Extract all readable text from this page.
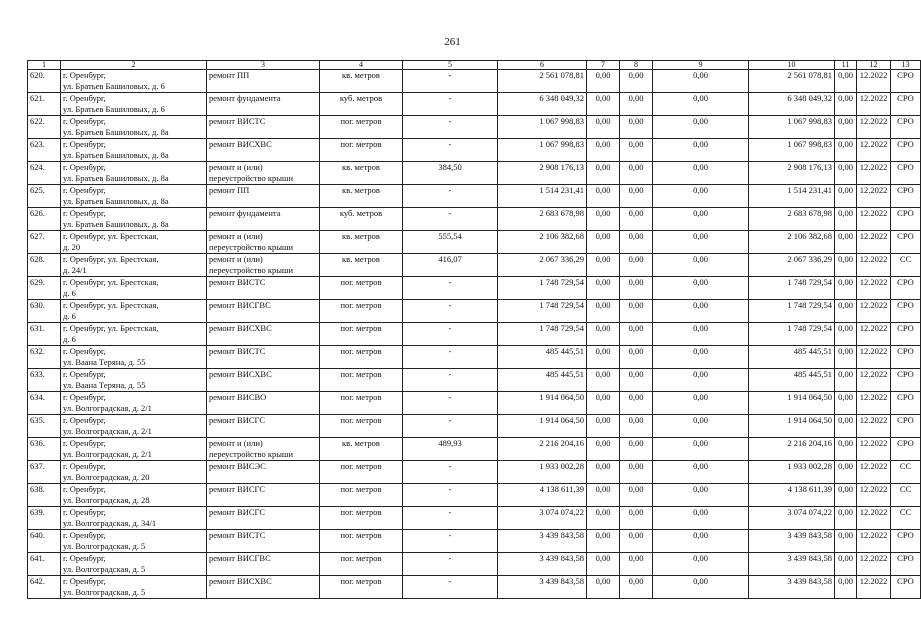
261
1	2	3	4	5	6	7	8	9	10	11	12	13
620.	г. Оренбург,
ул. Братьев Башиловых, д. 6	ремонт ПП	кв. метров	-	2 561 078,81	0,00	0,00	0,00	2 561 078,81	0,00	12.2022	СРО
621.	г. Оренбург,
ул. Братьев Башиловых, д. 6	ремонт фундамента	куб. метров	-	6 348 049,32	0,00	0,00	0,00	6 348 049,32	0,00	12.2022	СРО
622.	г. Оренбург,
ул. Братьев Башиловых, д. 8а	ремонт ВИСТС	пог. метров	-	1 067 998,83	0,00	0,00	0,00	1 067 998,83	0,00	12.2022	СРО
623.	г. Оренбург,
ул. Братьев Башиловых, д. 8а	ремонт ВИСХВС	пог. метров	-	1 067 998,83	0,00	0,00	0,00	1 067 998,83	0,00	12.2022	СРО
624.	г. Оренбург,
ул. Братьев Башиловых, д. 8а	ремонт и (или)
переустройство крыши	кв. метров	384,50	2 908 176,13	0,00	0,00	0,00	2 908 176,13	0,00	12.2022	СРО
625.	г. Оренбург,
ул. Братьев Башиловых, д. 8а	ремонт ПП	кв. метров	-	1 514 231,41	0,00	0,00	0,00	1 514 231,41	0,00	12.2022	СРО
626.	г. Оренбург,
ул. Братьев Башиловых, д. 8а	ремонт фундамента	куб. метров	-	2 683 678,98	0,00	0,00	0,00	2 683 678,98	0,00	12.2022	СРО
627.	г. Оренбург, ул. Брестская,
д. 20	ремонт и (или)
переустройство крыши	кв. метров	555,54	2 106 382,68	0,00	0,00	0,00	2 106 382,68	0,00	12.2022	СРО
628.	г. Оренбург, ул. Брестская,
д. 24/1	ремонт и (или)
переустройство крыши	кв. метров	416,07	2 067 336,29	0,00	0,00	0,00	2 067 336,29	0,00	12.2022	СС
629.	г. Оренбург, ул. Брестская,
д. 6	ремонт ВИСТС	пог. метров	-	1 748 729,54	0,00	0,00	0,00	1 748 729,54	0,00	12.2022	СРО
630.	г. Оренбург, ул. Брестская,
д. 6	ремонт ВИСГВС	пог. метров	-	1 748 729,54	0,00	0,00	0,00	1 748 729,54	0,00	12.2022	СРО
631.	г. Оренбург, ул. Брестская,
д. 6	ремонт ВИСХВС	пог. метров	-	1 748 729,54	0,00	0,00	0,00	1 748 729,54	0,00	12.2022	СРО
632.	г. Оренбург,
ул. Ваана Теряна, д. 55	ремонт ВИСТС	пог. метров	-	485 445,51	0,00	0,00	0,00	485 445,51	0,00	12.2022	СРО
633.	г. Оренбург,
ул. Ваана Теряна, д. 55	ремонт ВИСХВС	пог. метров	-	485 445,51	0,00	0,00	0,00	485 445,51	0,00	12.2022	СРО
634.	г. Оренбург,
ул. Волгоградская, д. 2/1	ремонт ВИСВО	пог. метров	-	1 914 064,50	0,00	0,00	0,00	1 914 064,50	0,00	12.2022	СРО
635.	г. Оренбург,
ул. Волгоградская, д. 2/1	ремонт ВИСГС	пог. метров	-	1 914 064,50	0,00	0,00	0,00	1 914 064,50	0,00	12.2022	СРО
636.	г. Оренбург,
ул. Волгоградская, д. 2/1	ремонт и (или)
переустройство крыши	кв. метров	489,93	2 216 204,16	0,00	0,00	0,00	2 216 204,16	0,00	12.2022	СРО
637.	г. Оренбург,
ул. Волгоградская, д. 20	ремонт ВИСЭС	пог. метров	-	1 933 002,28	0,00	0,00	0,00	1 933 002,28	0,00	12.2022	СС
638.	г. Оренбург,
ул. Волгоградская, д. 28	ремонт ВИСГС	пог. метров	-	4 138 611,39	0,00	0,00	0,00	4 138 611,39	0,00	12.2022	СС
639.	г. Оренбург,
ул. Волгоградская, д. 34/1	ремонт ВИСГС	пог. метров	-	3 074 074,22	0,00	0,00	0,00	3 074 074,22	0,00	12.2022	СС
640.	г. Оренбург,
ул. Волгоградская, д. 5	ремонт ВИСТС	пог. метров	-	3 439 843,58	0,00	0,00	0,00	3 439 843,58	0,00	12.2022	СРО
641.	г. Оренбург,
ул. Волгоградская, д. 5	ремонт ВИСГВС	пог. метров	-	3 439 843,58	0,00	0,00	0,00	3 439 843,58	0,00	12.2022	СРО
642.	г. Оренбург,
ул. Волгоградская, д. 5	ремонт ВИСХВС	пог. метров	-	3 439 843,58	0,00	0,00	0,00	3 439 843,58	0,00	12.2022	СРО
